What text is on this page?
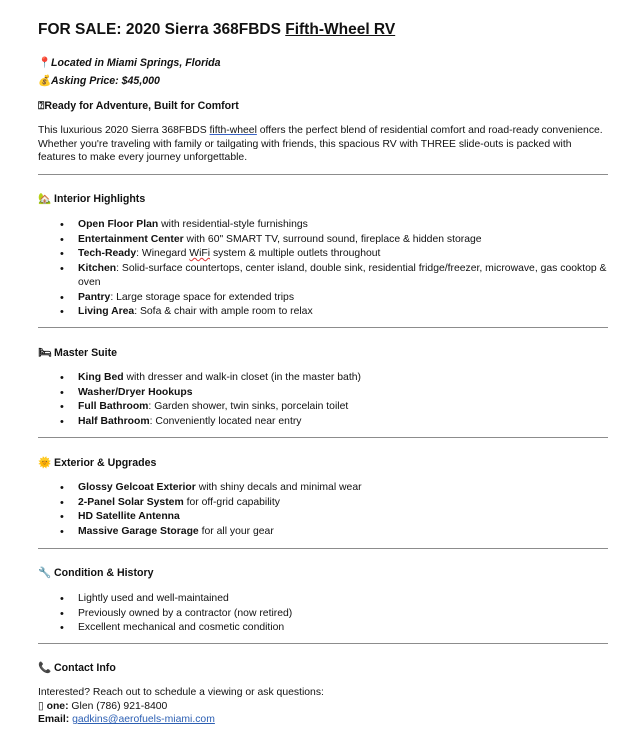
FOR SALE: 2020 Sierra 368FBDS Fifth-Wheel RV
📍Located in Miami Springs, Florida
💰Asking Price: $45,000
⍰Ready for Adventure, Built for Comfort
This luxurious 2020 Sierra 368FBDS fifth-wheel offers the perfect blend of residential comfort and road-ready convenience. Whether you're traveling with family or tailgating with friends, this spacious RV with THREE slide-outs is packed with features to make every journey unforgettable.
🏡 Interior Highlights
• Open Floor Plan with residential-style furnishings
• Entertainment Center with 60" SMART TV, surround sound, fireplace & hidden storage
• Tech-Ready: Winegard WiFi system & multiple outlets throughout
• Kitchen: Solid-surface countertops, center island, double sink, residential fridge/freezer, microwave, gas cooktop & oven
• Pantry: Large storage space for extended trips
• Living Area: Sofa & chair with ample room to relax
🛏 Master Suite
• King Bed with dresser and walk-in closet (in the master bath)
• Washer/Dryer Hookups
• Full Bathroom: Garden shower, twin sinks, porcelain toilet
• Half Bathroom: Conveniently located near entry
🌞 Exterior & Upgrades
• Glossy Gelcoat Exterior with shiny decals and minimal wear
• 2-Panel Solar System for off-grid capability
• HD Satellite Antenna
• Massive Garage Storage for all your gear
🔧 Condition & History
• Lightly used and well-maintained
• Previously owned by a contractor (now retired)
• Excellent mechanical and cosmetic condition
📞 Contact Info
Interested? Reach out to schedule a viewing or ask questions:
▯ one: Glen (786) 921-8400
Email: gadkins@aerofuels-miami.com
